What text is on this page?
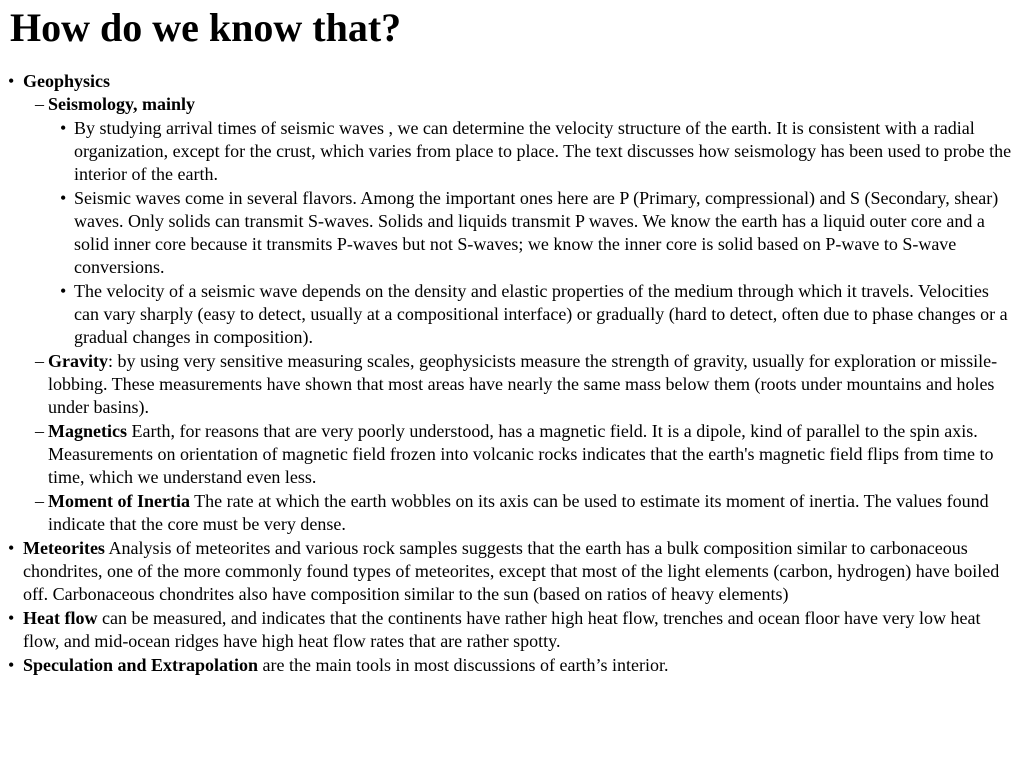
How do we know that?
• Geophysics
– Seismology, mainly
• By studying arrival times of seismic waves , we can determine the velocity structure of the earth. It is consistent with a radial organization, except for the crust, which varies from place to place. The text discusses how seismology has been used to probe the interior of the earth.
• Seismic waves come in several flavors. Among the important ones here are P (Primary, compressional) and S (Secondary, shear) waves. Only solids can transmit S-waves. Solids and liquids transmit P waves. We know the earth has a liquid outer core and a solid inner core because it transmits P-waves but not S-waves; we know the inner core is solid based on P-wave to S-wave conversions.
• The velocity of a seismic wave depends on the density and elastic properties of the medium through which it travels. Velocities can vary sharply (easy to detect, usually at a compositional interface) or gradually (hard to detect, often due to phase changes or a gradual changes in composition).
– Gravity: by using very sensitive measuring scales, geophysicists measure the strength of gravity, usually for exploration or missile-lobbing. These measurements have shown that most areas have nearly the same mass below them (roots under mountains and holes under basins).
– Magnetics Earth, for reasons that are very poorly understood, has a magnetic field. It is a dipole, kind of parallel to the spin axis. Measurements on orientation of magnetic field frozen into volcanic rocks indicates that the earth's magnetic field flips from time to time, which we understand even less.
– Moment of Inertia The rate at which the earth wobbles on its axis can be used to estimate its moment of inertia. The values found indicate that the core must be very dense.
• Meteorites Analysis of meteorites and various rock samples suggests that the earth has a bulk composition similar to carbonaceous chondrites, one of the more commonly found types of meteorites, except that most of the light elements (carbon, hydrogen) have boiled off. Carbonaceous chondrites also have composition similar to the sun (based on ratios of heavy elements)
• Heat flow can be measured, and indicates that the continents have rather high heat flow, trenches and ocean floor have very low heat flow, and mid-ocean ridges have high heat flow rates that are rather spotty.
• Speculation and Extrapolation are the main tools in most discussions of earth’s interior.
